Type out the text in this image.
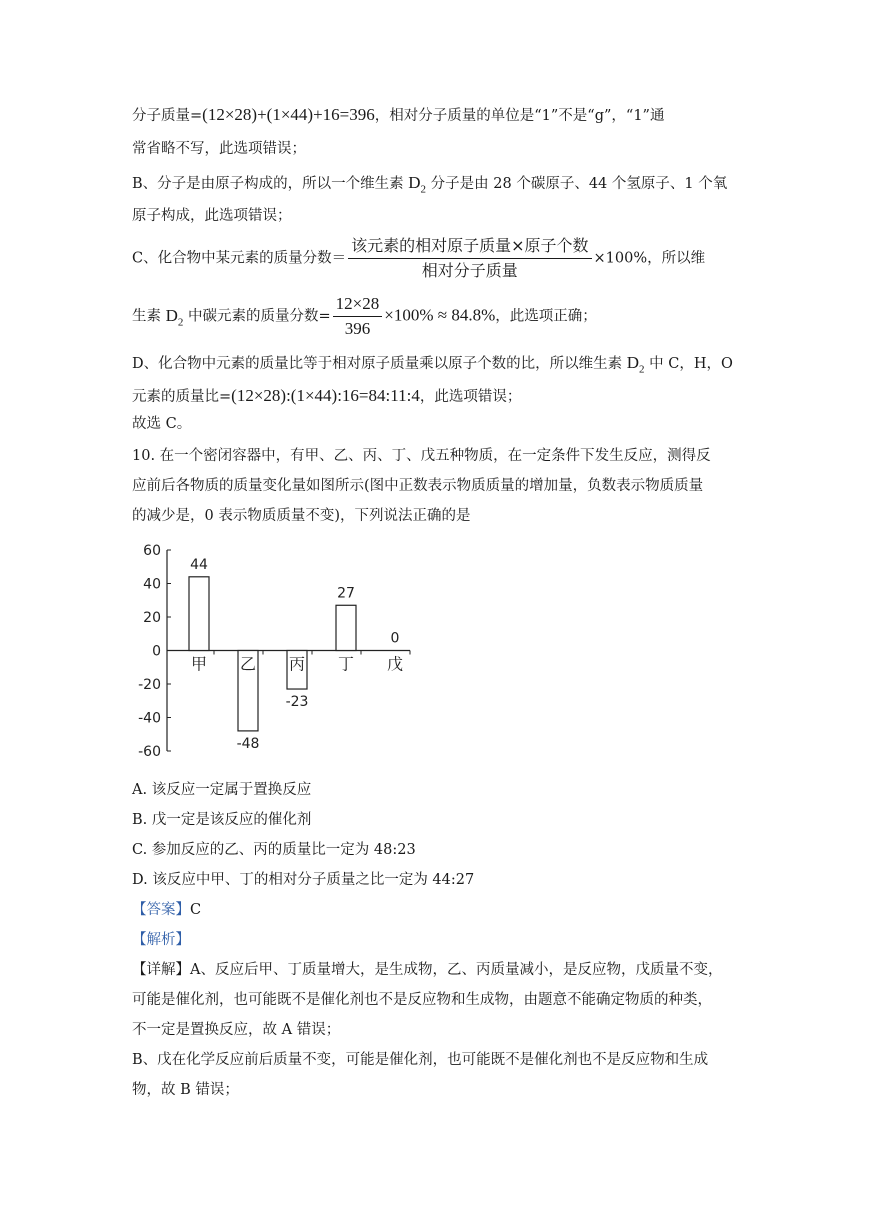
分子质量=(12×28)+(1×44)+16=396，相对分子质量的单位是“1”不是“g”，“1”通
常省略不写，此选项错误；
B、分子是由原子构成的，所以一个维生素 $D_2$ 分子是由 28 个碳原子、44 个氢原子、1 个氧
原子构成，此选项错误；
C、化合物中某元素的质量分数＝ $\frac{\text{该元素的相对原子质量×原子个数}}{\text{相对分子质量}} \times 100\%$，所以维
生素 $D_2$ 中碳元素的质量分数= $\frac{12\times 28}{396} \times 100\% \approx 84.8\%$，此选项正确；
D、化合物中元素的质量比等于相对原子质量乘以原子个数的比，所以维生素 $D_2$ 中 C，H，O
元素的质量比=(12×28):(1×44):16=84:11:4，此选项错误；
故选 C。
10. 在一个密闭容器中，有甲、乙、丙、丁、戊五种物质，在一定条件下发生反应，测得反
应前后各物质的质量变化量如图所示(图中正数表示物质质量的增加量，负数表示物质质量
的减少是，0 表示物质质量不变)，下列说法正确的是
60
40
20
0
-20
-40
-60
甲
44
乙
-48
丙
-23
丁
27
戊
0
A. 该反应一定属于置换反应
B. 戊一定是该反应的催化剂
C. 参加反应的乙、丙的质量比一定为 48:23
D. 该反应中甲、丁的相对分子质量之比一定为 44:27
【答案】C
【解析】
【详解】A、反应后甲、丁质量增大，是生成物，乙、丙质量减小，是反应物，戊质量不变，
可能是催化剂，也可能既不是催化剂也不是反应物和生成物，由题意不能确定物质的种类，
不一定是置换反应，故 A 错误；
B、戊在化学反应前后质量不变，可能是催化剂，也可能既不是催化剂也不是反应物和生成
物，故 B 错误；
